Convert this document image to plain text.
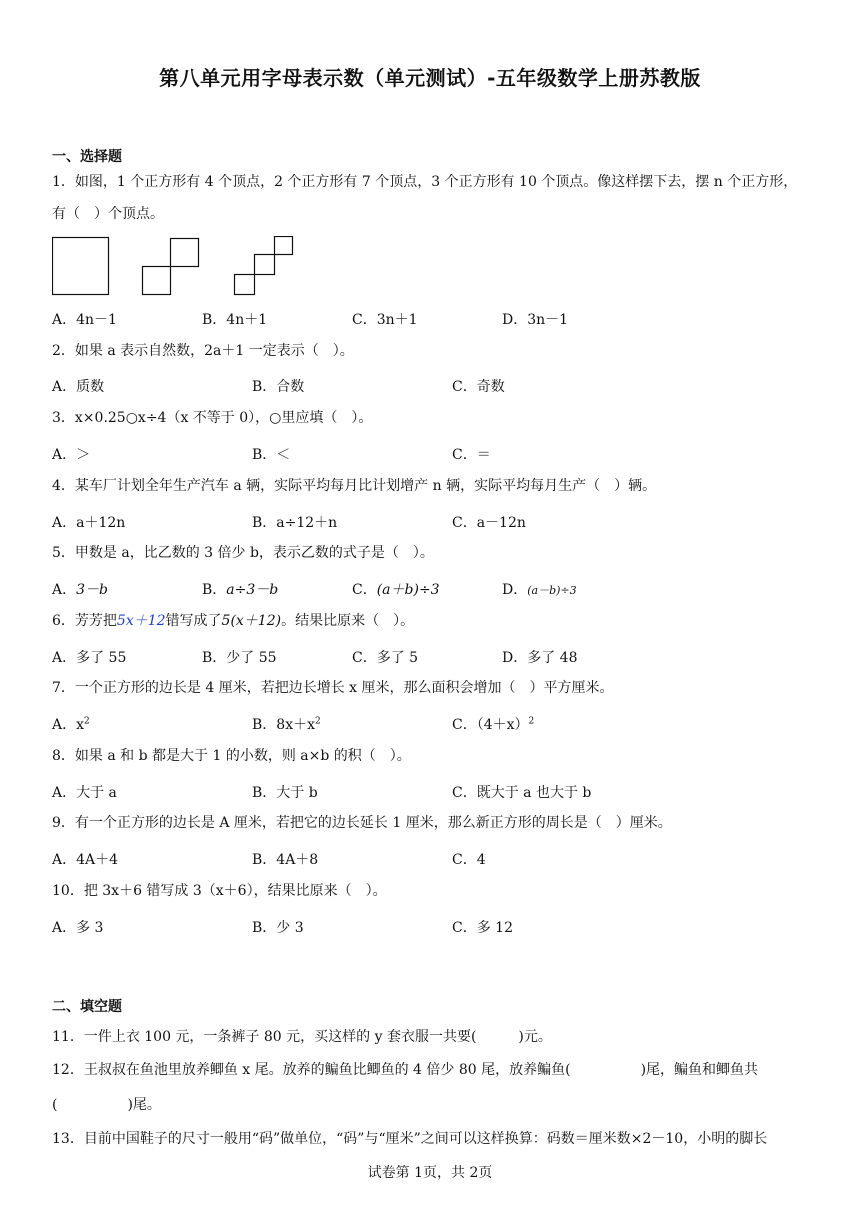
第八单元用字母表示数（单元测试）-五年级数学上册苏教版
一、选择题
1．如图，1 个正方形有 4 个顶点，2 个正方形有 7 个顶点，3 个正方形有 10 个顶点。像这样摆下去，摆 n 个正方形，
有（　）个顶点。
A．4n－1	B．4n＋1	C．3n＋1	D．3n－1
2．如果 a 表示自然数，2a＋1 一定表示（　）。
A．质数	B．合数	C．奇数
3．x×0.25○x÷4（x 不等于 0），○里应填（　）。
A．＞	B．＜	C．＝
4．某车厂计划全年生产汽车 a 辆，实际平均每月比计划增产 n 辆，实际平均每月生产（　）辆。
A．a＋12n	B．a÷12＋n	C．a－12n
5．甲数是 a，比乙数的 3 倍少 b，表示乙数的式子是（　）。
A．3－b	B．a÷3－b	C．(a＋b)÷3	D．(a－b)÷3
6．芳芳把5x＋12错写成了5(x＋12)。结果比原来（　）。
A．多了 55	B．少了 55	C．多了 5	D．多了 48
7．一个正方形的边长是 4 厘米，若把边长增长 x 厘米，那么面积会增加（　）平方厘米。
A．$x^2$	B．$8x+x^2$	C．$(4+x)^2$
8．如果 a 和 b 都是大于 1 的小数，则 a×b 的积（　）。
A．大于 a	B．大于 b	C．既大于 a 也大于 b
9．有一个正方形的边长是 A 厘米，若把它的边长延长 1 厘米，那么新正方形的周长是（　）厘米。
A．4A＋4	B．4A＋8	C．4
10．把 3x＋6 错写成 3（x＋6），结果比原来（　）。
A．多 3	B．少 3	C．多 12
二、填空题
11．一件上衣 100 元，一条裤子 80 元，买这样的 y 套衣服一共要(　　　)元。
12．王叔叔在鱼池里放养鲫鱼 x 尾。放养的鳊鱼比鲫鱼的 4 倍少 80 尾，放养鳊鱼(　　　　　)尾，鳊鱼和鲫鱼共
(　　　　　)尾。
13．目前中国鞋子的尺寸一般用“码”做单位，“码”与“厘米”之间可以这样换算：码数＝厘米数×2－10，小明的脚长
试卷第 1页，共 2页
